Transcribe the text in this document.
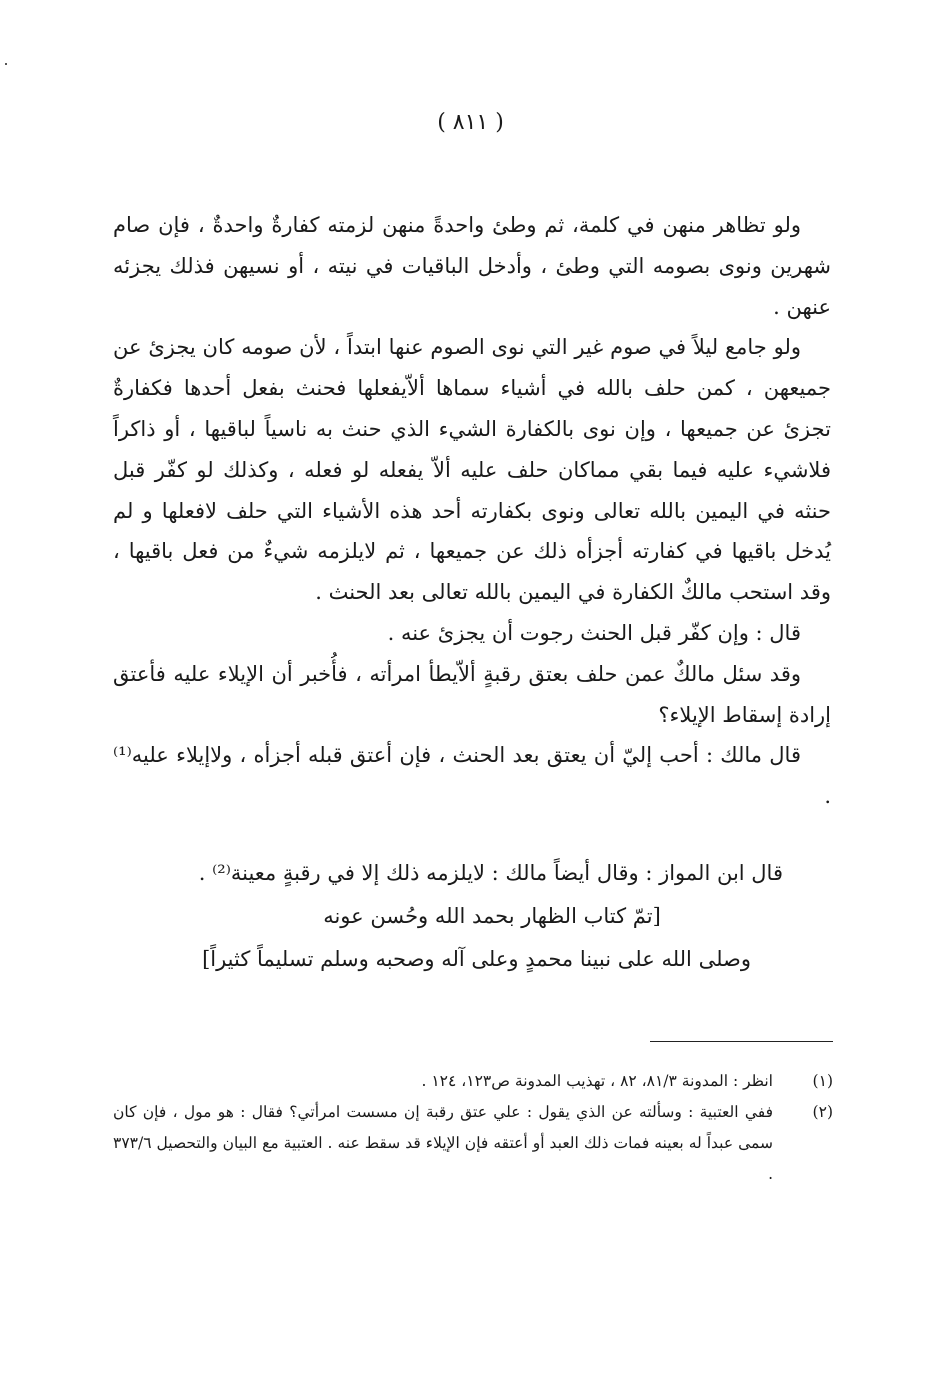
( ٨١١ )

ولو تظاهر منهن في كلمة، ثم وطئ واحدةً منهن لزمته كفارةٌ واحدةٌ ، فإن صام شهرين ونوى بصومه التي وطئ ، وأدخل الباقيات في نيته ، أو نسيهن فذلك يجزئه عنهن .

ولو جامع ليلاً في صوم غير التي نوى الصوم عنها ابتداً ، لأن صومه كان يجزئ عن جميعهن ، كمن حلف بالله في أشياء سماها ألاّيفعلها فحنث بفعل أحدها فكفارةٌ تجزئ عن جميعها ، وإن نوى بالكفارة الشيء الذي حنث به ناسياً لباقيها ، أو ذاكراً فلاشيء عليه فيما بقي مماكان حلف عليه ألاّ يفعله لو فعله ، وكذلك لو كفّر قبل حنثه في اليمين بالله تعالى ونوى بكفارته أحد هذه الأشياء التي حلف لافعلها و لم يُدخل باقيها في كفارته أجزأه ذلك عن جميعها ، ثم لايلزمه شيءٌ من فعل باقيها ، وقد استحب مالكٌ الكفارة في اليمين بالله تعالى بعد الحنث .

قال : وإن كفّر قبل الحنث رجوت أن يجزئ عنه .

وقد سئل مالكٌ عمن حلف بعتق رقبةٍ ألاّيطأ امرأته ، فأُخبر أن الإيلاء عليه فأعتق إرادة إسقاط الإيلاء؟

قال مالك : أحب إليّ أن يعتق بعد الحنث ، فإن أعتق قبله أجزأه ، ولاإيلاء عليه⁽¹⁾ .

قال ابن المواز : وقال أيضاً مالك : لايلزمه ذلك إلا في رقبةٍ معينة⁽²⁾ .

[تمّ كتاب الظهار بحمد الله وحُسن عونه

وصلى الله على نبينا محمدٍ وعلى آله وصحبه وسلم تسليماً كثيراً]

(١)
انظر : المدونة ٨١/٣، ٨٢ ، تهذيب المدونة ص١٢٣، ١٢٤ .
(٢)
ففي العتبية : وسألته عن الذي يقول : علي عتق رقبة إن مسست امرأتي؟ فقال : هو مول ، فإن كان سمى عبداً له بعينه فمات ذلك العبد أو أعتقه فإن الإيلاء قد سقط عنه . العتبية مع البيان والتحصيل ٣٧٣/٦ .
